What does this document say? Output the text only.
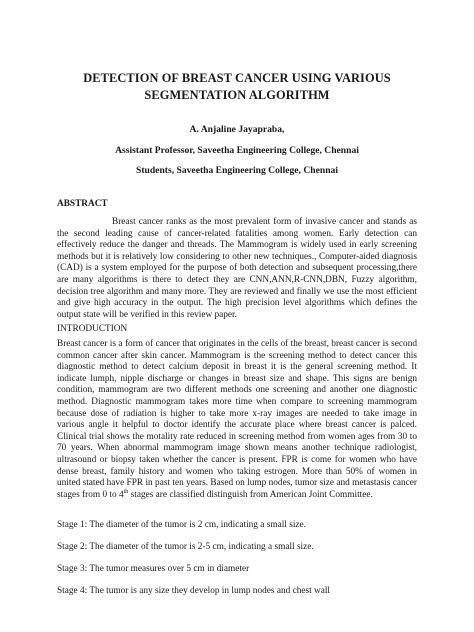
DETECTION OF BREAST CANCER USING VARIOUS
SEGMENTATION ALGORITHM
A. Anjaline Jayapraba,
Assistant Professor, Saveetha Engineering College, Chennai
Students, Saveetha Engineering College, Chennai
ABSTRACT

Breast cancer ranks as the most prevalent form of invasive cancer and stands as the second leading cause of cancer-related fatalities among women. Early detection can effectively reduce the danger and threads. The Mammogram is widely used in early screening methods but it is relatively low considering to other new techniques., Computer-aided diagnosis (CAD) is a system employed for the purpose of both detection and subsequent processing,there are many algorithms is there to detect they are CNN,ANN,R-CNN,DBN, Fuzzy algorithm, decision tree algorithm and many more. They are reviewed and finally we use the most efficient and give high accuracy in the output. The high precision level algorithms which defines the output state will be verified in this review paper.

INTRODUCTION

Breast cancer is a form of cancer that originates in the cells of the breast, breast cancer is second common cancer after skin cancer. Mammogram is the screening method to detect cancer this diagnostic method to detect calcium deposit in breast it is the general screening method. It indicate lumph, nipple discharge or changes in breast size and shape. This signs are benign condition, mammogram are two different methods one screening and another one diagnostic method. Diagnostic mammogram takes more time when compare to screening mammogram because dose of radiation is higher to take more x-ray images are needed to take image in various angle it helpful to doctor identify the accurate place where breast cancer is palced. Clinical trial shows the motality rate reduced in screening method from women ages from 30 to 70 years. When abnormal mammogram image shown means another technique radiologist, ultrasound or biopsy taken whether the cancer is present. FPR is come for women who have dense breast, family history and women who taking estrogen. More than 50% of women in united stated have FPR in past ten years. Based on lump nodes, tumor size and metastasis cancer stages from 0 to 4th stages are classified distinguish from American Joint Committee.

Stage 1: The diameter of the tumor is 2 cm, indicating a small size.
Stage 2: The diameter of the tumor is 2-5 cm, indicating a small size.
Stage 3: The tumor measures over 5 cm in diameter
Stage 4: The tumor is any size they develop in lump nodes and chest wall
